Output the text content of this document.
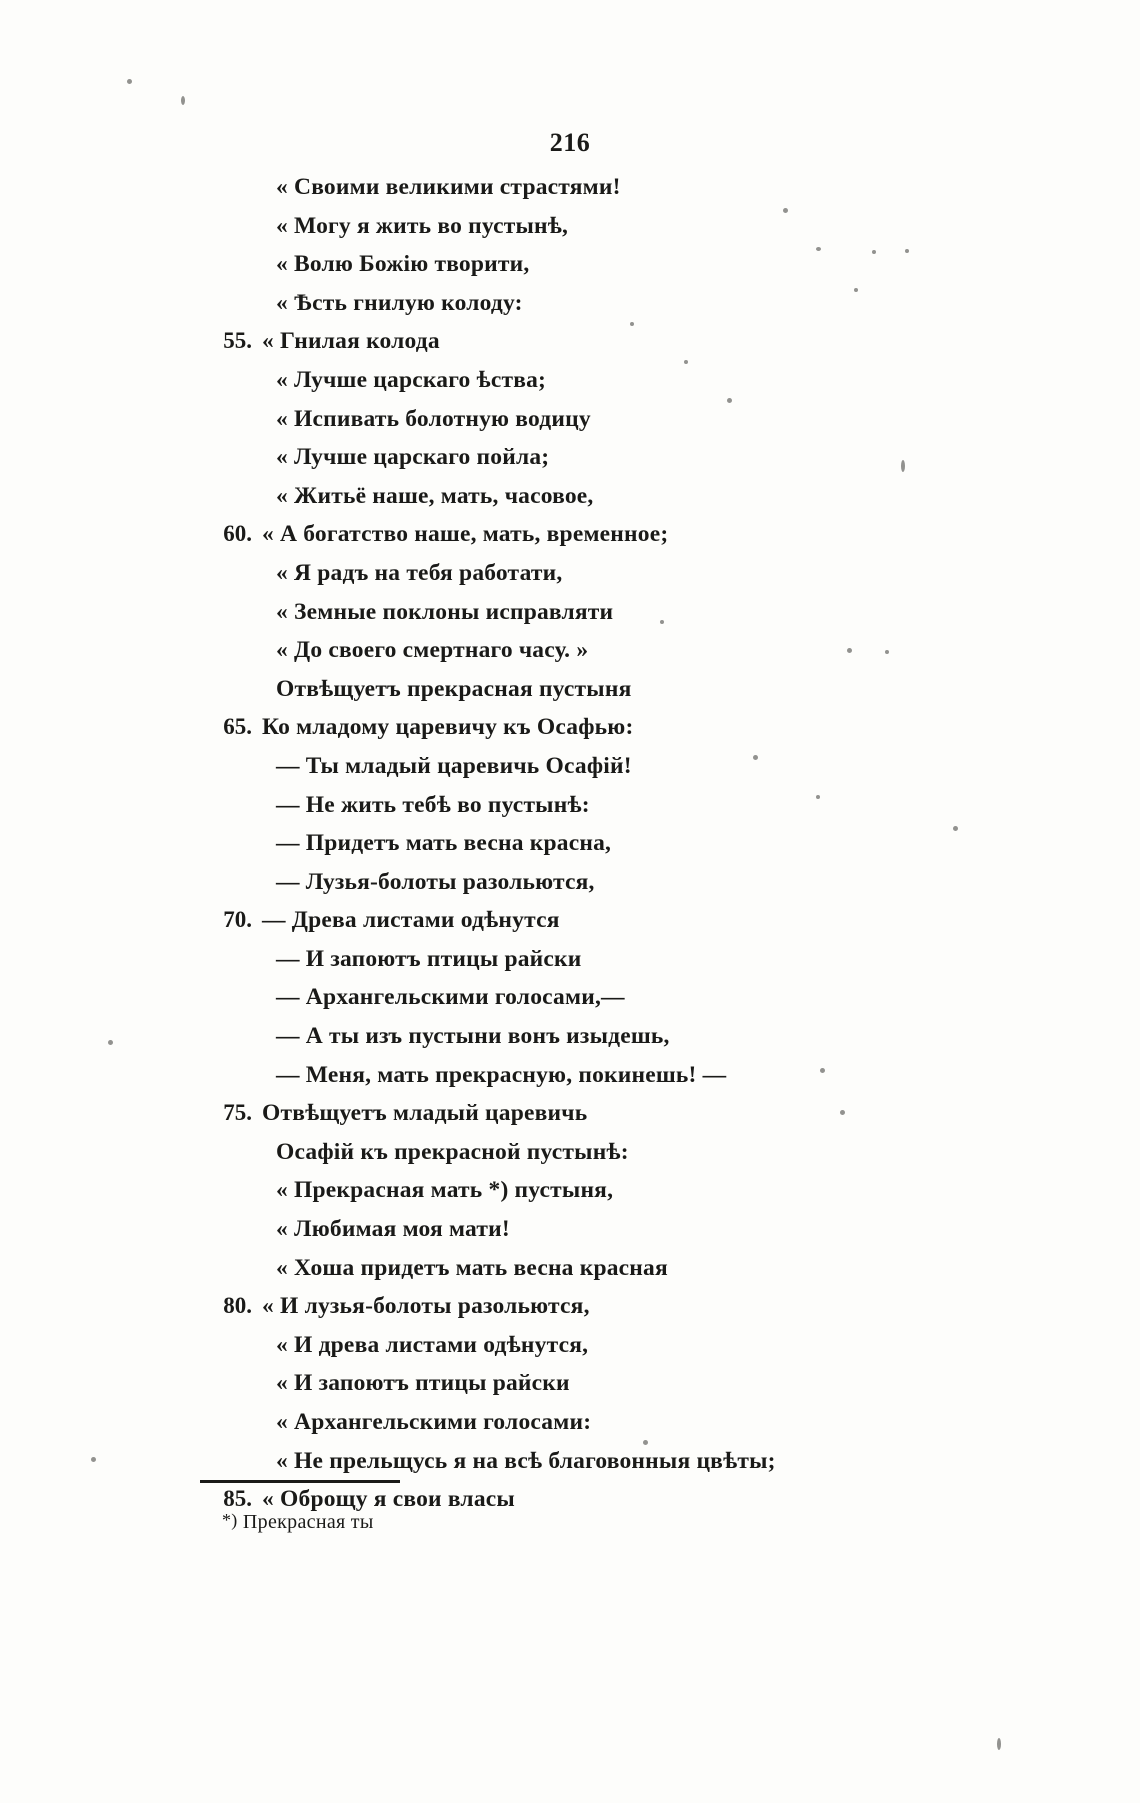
216
« Своими великими страстями!
« Могу я жить во пустынѣ,
« Волю Божію творити,
« Ѣсть гнилую колоду:
55. « Гнилая колода
« Лучше царскаго ѣства;
« Испивать болотную водицу
« Лучше царскаго пойла;
« Житьё наше, мать, часовое,
60. « А богатство наше, мать, временное;
« Я радъ на тебя работати,
« Земные поклоны исправляти
« До своего смертнаго часу. »
Отвѣщуетъ прекрасная пустыня
65. Ко младому царевичу къ Осафью:
— Ты младый царевичь Осафій!
— Не жить тебѣ во пустынѣ:
— Придетъ мать весна красна,
— Лузья-болоты разольются,
70. — Древа листами одѣнутся
— И запоютъ птицы райски
— Архангельскими голосами,—
— А ты изъ пустыни вонъ изыдешь,
— Меня, мать прекрасную, покинешь! —
75. Отвѣщуетъ младый царевичь
Осафій къ прекрасной пустынѣ:
« Прекрасная мать *) пустыня,
« Любимая моя мати!
« Хоша придетъ мать весна красная
80. « И лузья-болоты разольются,
« И древа листами одѣнутся,
« И запоютъ птицы райски
« Архангельскими голосами:
« Не прельщусь я на всѣ благовонныя цвѣты;
85. « Оброщу я свои власы
*) Прекрасная ты
